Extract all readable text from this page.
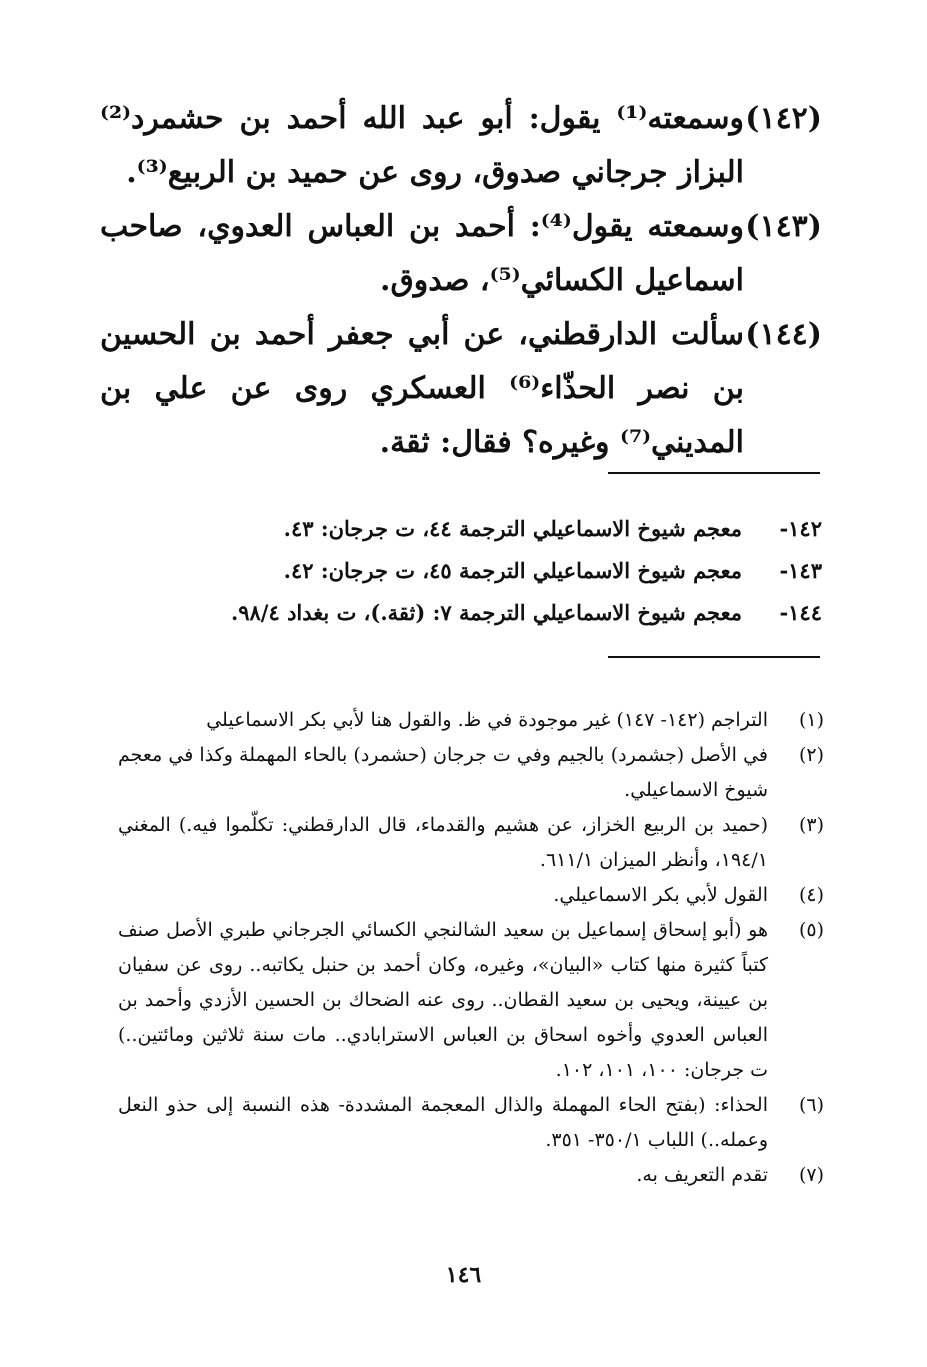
(١٤٢)
وسمعته⁽¹⁾ يقول: أبو عبد الله أحمد بن حشمرد⁽²⁾ البزاز جرجاني صدوق، روى عن حميد بن الربيع⁽³⁾.
(١٤٣)
وسمعته يقول⁽⁴⁾: أحمد بن العباس العدوي، صاحب اسماعيل الكسائي⁽⁵⁾، صدوق.
(١٤٤)
سألت الدارقطني، عن أبي جعفر أحمد بن الحسين بن نصر الحذّاء⁽⁶⁾ العسكري روى عن علي بن المديني⁽⁷⁾ وغيره؟ فقال: ثقة.
١٤٢-
معجم شيوخ الاسماعيلي الترجمة ٤٤، ت جرجان: ٤٣.
١٤٣-
معجم شيوخ الاسماعيلي الترجمة ٤٥، ت جرجان: ٤٢.
١٤٤-
معجم شيوخ الاسماعيلي الترجمة ٧: (ثقة.)، ت بغداد ٩٨/٤.
(١)
التراجم (١٤٢- ١٤٧) غير موجودة في ظ. والقول هنا لأبي بكر الاسماعيلي
(٢)
في الأصل (جشمرد) بالجيم وفي ت جرجان (حشمرد) بالحاء المهملة وكذا في معجم شيوخ الاسماعيلي.
(٣)
(حميد بن الربيع الخزاز، عن هشيم والقدماء، قال الدارقطني: تكلّموا فيه.) المغني ١٩٤/١، وأنظر الميزان ٦١١/١.
(٤)
القول لأبي بكر الاسماعيلي.
(٥)
هو (أبو إسحاق إسماعيل بن سعيد الشالنجي الكسائي الجرجاني طبري الأصل صنف كتباً كثيرة منها كتاب «البيان»، وغيره، وكان أحمد بن حنبل يكاتبه.. روى عن سفيان بن عيينة، ويحيى بن سعيد القطان.. روى عنه الضحاك بن الحسين الأزدي وأحمد بن العباس العدوي وأخوه اسحاق بن العباس الاسترابادي.. مات سنة ثلاثين ومائتين..) ت جرجان: ١٠٠، ١٠١، ١٠٢.
(٦)
الحذاء: (بفتح الحاء المهملة والذال المعجمة المشددة- هذه النسبة إلى حذو النعل وعمله..) اللباب ٣٥٠/١- ٣٥١.
(٧)
تقدم التعريف به.
١٤٦
